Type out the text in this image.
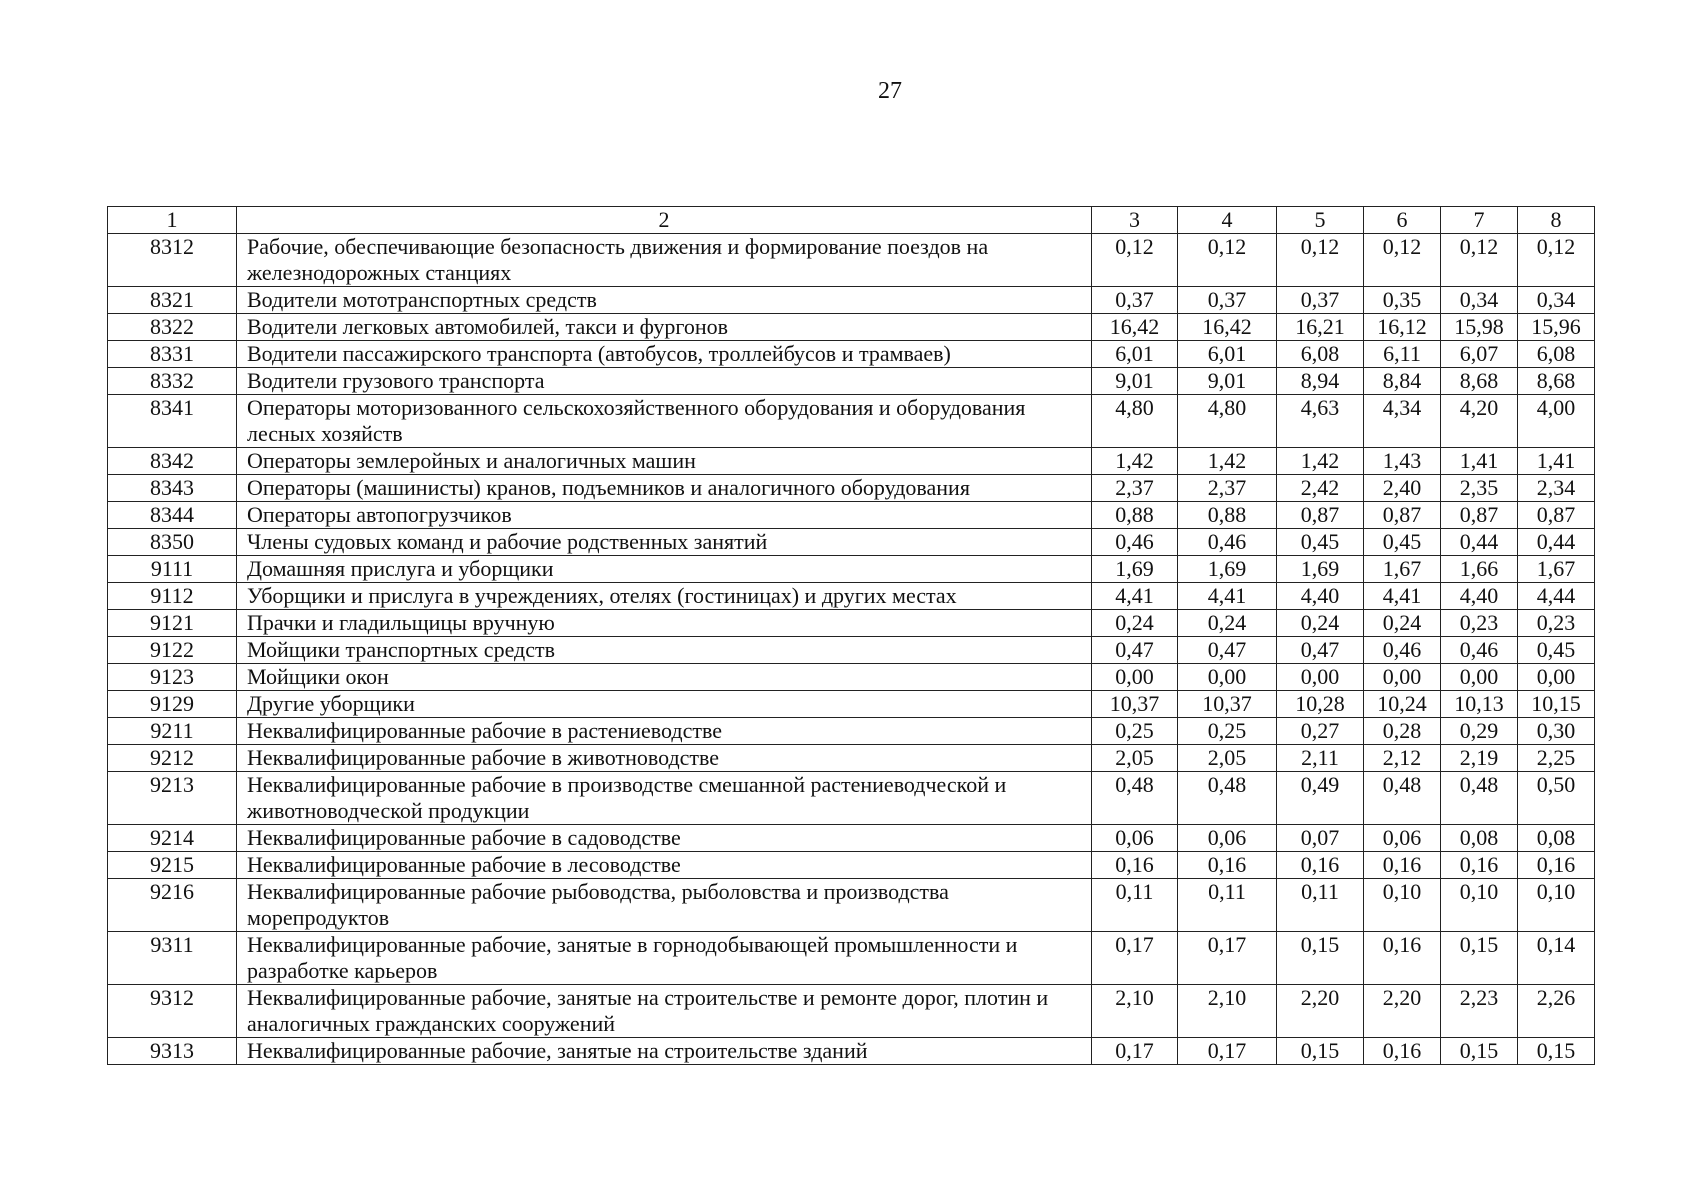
27
1	2	3	4	5	6	7	8
8312	Рабочие, обеспечивающие безопасность движения и формирование поездов на железнодорожных станциях	0,12	0,12	0,12	0,12	0,12	0,12
8321	Водители мототранспортных средств	0,37	0,37	0,37	0,35	0,34	0,34
8322	Водители легковых автомобилей, такси и фургонов	16,42	16,42	16,21	16,12	15,98	15,96
8331	Водители пассажирского транспорта (автобусов, троллейбусов и трамваев)	6,01	6,01	6,08	6,11	6,07	6,08
8332	Водители грузового транспорта	9,01	9,01	8,94	8,84	8,68	8,68
8341	Операторы моторизованного сельскохозяйственного оборудования и оборудования лесных хозяйств	4,80	4,80	4,63	4,34	4,20	4,00
8342	Операторы землеройных и аналогичных машин	1,42	1,42	1,42	1,43	1,41	1,41
8343	Операторы (машинисты) кранов, подъемников и аналогичного оборудования	2,37	2,37	2,42	2,40	2,35	2,34
8344	Операторы автопогрузчиков	0,88	0,88	0,87	0,87	0,87	0,87
8350	Члены судовых команд и рабочие родственных занятий	0,46	0,46	0,45	0,45	0,44	0,44
9111	Домашняя прислуга и уборщики	1,69	1,69	1,69	1,67	1,66	1,67
9112	Уборщики и прислуга в учреждениях, отелях (гостиницах) и других местах	4,41	4,41	4,40	4,41	4,40	4,44
9121	Прачки и гладильщицы вручную	0,24	0,24	0,24	0,24	0,23	0,23
9122	Мойщики транспортных средств	0,47	0,47	0,47	0,46	0,46	0,45
9123	Мойщики окон	0,00	0,00	0,00	0,00	0,00	0,00
9129	Другие уборщики	10,37	10,37	10,28	10,24	10,13	10,15
9211	Неквалифицированные рабочие в растениеводстве	0,25	0,25	0,27	0,28	0,29	0,30
9212	Неквалифицированные рабочие в животноводстве	2,05	2,05	2,11	2,12	2,19	2,25
9213	Неквалифицированные рабочие в производстве смешанной растениеводческой и животноводческой продукции	0,48	0,48	0,49	0,48	0,48	0,50
9214	Неквалифицированные рабочие в садоводстве	0,06	0,06	0,07	0,06	0,08	0,08
9215	Неквалифицированные рабочие в лесоводстве	0,16	0,16	0,16	0,16	0,16	0,16
9216	Неквалифицированные рабочие рыбоводства, рыболовства и производства морепродуктов	0,11	0,11	0,11	0,10	0,10	0,10
9311	Неквалифицированные рабочие, занятые в горнодобывающей промышленности и разработке карьеров	0,17	0,17	0,15	0,16	0,15	0,14
9312	Неквалифицированные рабочие, занятые на строительстве и ремонте дорог, плотин и аналогичных гражданских сооружений	2,10	2,10	2,20	2,20	2,23	2,26
9313	Неквалифицированные рабочие, занятые на строительстве зданий	0,17	0,17	0,15	0,16	0,15	0,15
